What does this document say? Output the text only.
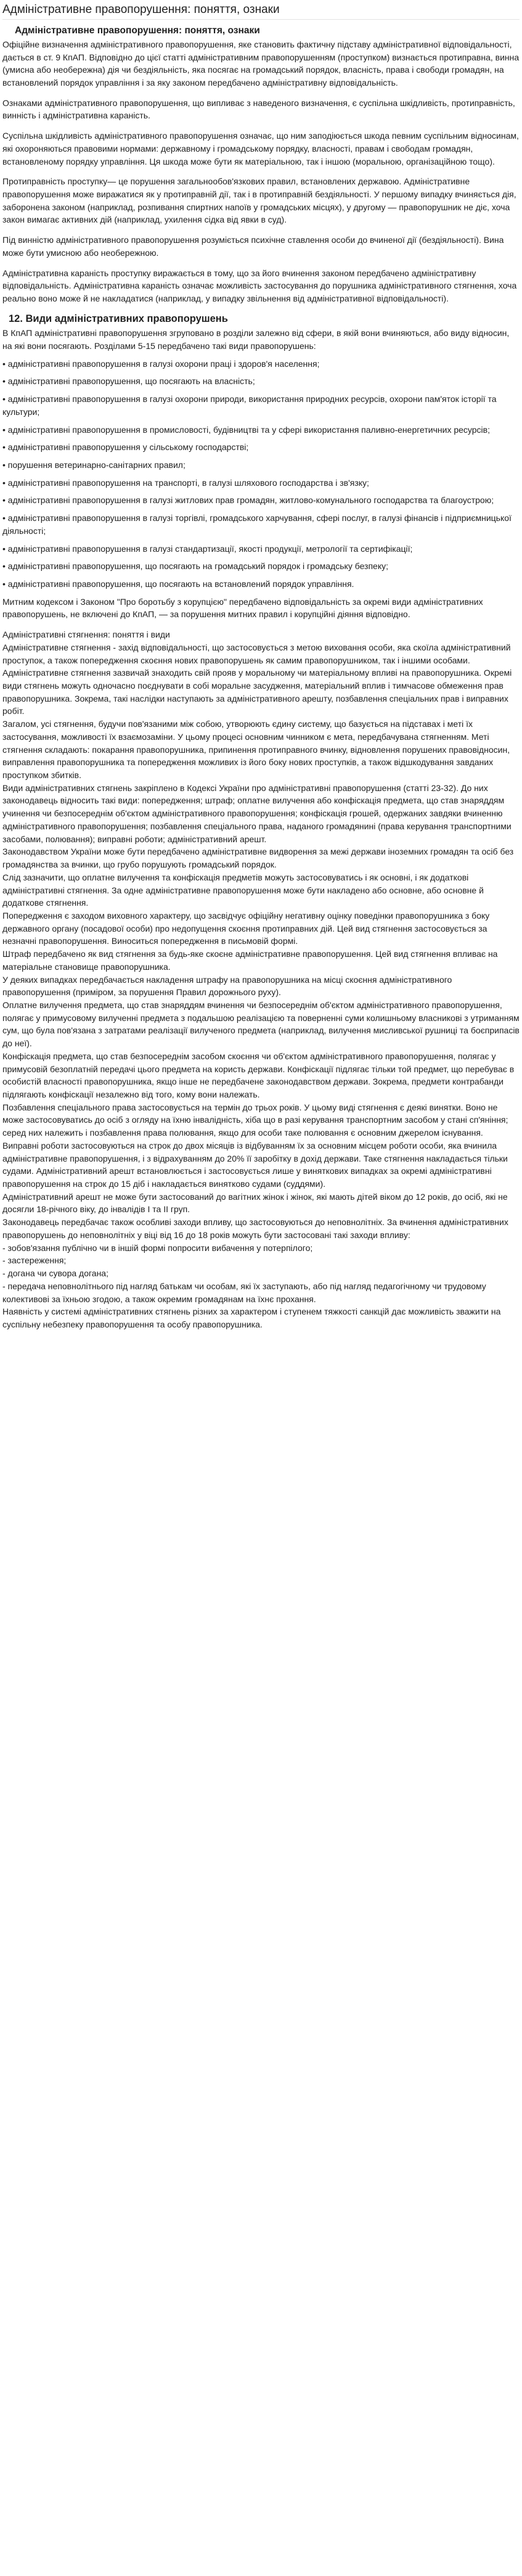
Адміністративне правопорушення: поняття, ознаки
Адміністративне правопорушення: поняття, ознаки

Офіційне визначення адміністративного правопорушення, яке становить фактичну підставу адміністративної відповідальності, дається в ст. 9 КпАП. Відповідно до цієї статті адміністративним правопорушенням (проступком) визнається протиправна, винна (умисна або необережна) дія чи бездіяльність, яка посягає на громадський порядок, власність, права і свободи громадян, на встановлений порядок управління і за яку законом передбачено адміністративну відповідальність.

Ознаками адміністративного правопорушення, що випливає з наведеного визначення, є суспільна шкідливість, протиправність, винність і адміністративна караність.

Суспільна шкідливість адміністративного правопорушення означає, що ним заподіюється шкода певним суспільним відносинам, які охороняються правовими нормами: державному і громадському порядку, власності, правам і свободам громадян, встановленому порядку управління. Ця шкода може бути як матеріальною, так і іншою (моральною, організаційною тощо).

Протиправність проступку— це порушення загальнообов'язкових правил, встановлених державою. Адміністративне правопорушення може виражатися як у протиправній дії, так і в протиправній бездіяльності. У першому випадку вчиняється дія, заборонена законом (наприклад, розпивання спиртних напоїв у громадських місцях), у другому — правопорушник не діє, хоча закон вимагає активних дій (наприклад, ухилення сідка від явки в суд).

Під винністю адміністративного правопорушення розуміється психічне ставлення особи до вчиненої дії (бездіяльності). Вина може бути умисною або необережною.

Адміністративна караність проступку виражається в тому, що за його вчинення законом передбачено адміністративну відповідальність. Адміністративна караність означає можливість застосування до порушника адміністративного стягнення, хоча реально воно може й не накладатися (наприклад, у випадку звільнення від адміністративної відповідальності).

12. Види адміністративних правопорушень

В КпАП адміністративні правопорушення згруповано в розділи залежно від сфери, в якій вони вчиняються, або виду відносин, на які вони посягають. Розділами 5-15 передбачено такі види правопорушень:

• адміністративні правопорушення в галузі охорони праці і здоров'я населення;

• адміністративні правопорушення, що посягають на власність;

• адміністративні правопорушення в галузі охорони природи, використання природних ресурсів, охорони пам'яток історії та культури;

• адміністративні правопорушення в промисловості, будівництві та у сфері використання паливно-енергетичних ресурсів;

• адміністративні правопорушення у сільському господарстві;

• порушення ветеринарно-санітарних правил;

• адміністративні правопорушення на транспорті, в галузі шляхового господарства і зв'язку;

• адміністративні правопорушення в галузі житлових прав громадян, житлово-комунального господарства та благоустрою;

• адміністративні правопорушення в галузі торгівлі, громадського харчування, сфері послуг, в галузі фінансів і підприємницької діяльності;

• адміністративні правопорушення в галузі стандартизації, якості продукції, метрології та сертифікації;

• адміністративні правопорушення, що посягають на громадський порядок і громадську безпеку;

• адміністративні правопорушення, що посягають на встановлений порядок управління.

Митним кодексом і Законом "Про боротьбу з корупцією" передбачено відповідальність за окремі види адміністративних правопорушень, не включені до КпАП, — за порушення митних правил і корупційні діяння відповідно.

Адміністративні стягнення: поняття і види

Адміністративне стягнення - захід відповідальності, що застосовується з метою виховання особи, яка скоїла адміністративний проступок, а також попередження скоєння нових правопорушень як самим правопорушником, так і іншими особами.

Адміністративне стягнення зазвичай знаходить свій прояв у моральному чи матеріальному впливі на правопорушника. Окремі види стягнень можуть одночасно поєднувати в собі моральне засудження, матеріальний вплив і тимчасове обмеження прав правопорушника. Зокрема, такі наслідки наступають за адміністративного арешту, позбавлення спеціальних прав і виправних робіт.

Загалом, усі стягнення, будучи пов'язаними між собою, утворюють єдину систему, що базується на підставах і меті їх застосування, можливості їх взаємозаміни. У цьому процесі основним чинником є мета, передбачувана стягненням. Меті стягнення складають: покарання правопорушника, припинення протиправного вчинку, відновлення порушених правовідносин, виправлення правопорушника та попередження можливих із його боку нових проступків, а також відшкодування завданих проступком збитків.

Види адміністративних стягнень закріплено в Кодексі України про адміністративні правопорушення (статті 23-32). До них законодавець відносить такі види: попередження; штраф; оплатне вилучення або конфіскація предмета, що став знаряддям учинення чи безпосереднім об'єктом адміністративного правопорушення; конфіскація грошей, одержаних завдяки вчиненню адміністративного правопорушення; позбавлення спеціального права, наданого громадянині (права керування транспортними засобами, полювання); виправні роботи; адміністративний арешт.

Законодавством України може бути передбачено адміністративне видворення за межі держави іноземних громадян та осіб без громадянства за вчинки, що грубо порушують громадський порядок.

Слід зазначити, що оплатне вилучення та конфіскація предметів можуть застосовуватись і як основні, і як додаткові адміністративні стягнення. За одне адміністративне правопорушення може бути накладено або основне, або основне й додаткове стягнення.

Попередження є заходом виховного характеру, що засвідчує офіційну негативну оцінку поведінки правопорушника з боку державного органу (посадової особи) про недопущення скоєння протиправних дій. Цей вид стягнення застосовується за незначні правопорушення. Виноситься попередження в письмовій формі.

Штраф передбачено як вид стягнення за будь-яке скоєне адміністративне правопорушення. Цей вид стягнення впливає на матеріальне становище правопорушника.

У деяких випадках передбачається накладення штрафу на правопорушника на місці скоєння адміністративного правопорушення (приміром, за порушення Правил дорожнього руху).

Оплатне вилучення предмета, що став знаряддям вчинення чи безпосереднім об'єктом адміністративного правопорушення, полягає у примусовому вилученні предмета з подальшою реалізацією та поверненні суми колишньому власникові з утриманням сум, що була пов'язана з затратами реалізації вилученого предмета (наприклад, вилучення мисливської рушниці та боєприпасів до неї).

Конфіскація предмета, що став безпосереднім засобом скоєння чи об'єктом адміністративного правопорушення, полягає у примусовій безоплатній передачі цього предмета на користь держави. Конфіскації підлягає тільки той предмет, що перебуває в особистій власності правопорушника, якщо інше не передбачене законодавством держави. Зокрема, предмети контрабанди підлягають конфіскації незалежно від того, кому вони належать.

Позбавлення спеціального права застосовується на термін до трьох років. У цьому виді стягнення є деякі винятки. Воно не може застосовуватись до осіб з огляду на їхню інвалідність, хіба що в разі керування транспортним засобом у стані сп'яніння; серед них належить і позбавлення права полювання, якщо для особи таке полювання є основним джерелом існування.

Виправні роботи застосовуються на строк до двох місяців із відбуванням їх за основним місцем роботи особи, яка вчинила адміністративне правопорушення, і з відрахуванням до 20% її заробітку в дохід держави. Таке стягнення накладається тільки судами. Адміністративний арешт встановлюється і застосовується лише у виняткових випадках за окремі адміністративні правопорушення на строк до 15 діб і накладається винятково судами (суддями).

Адміністративний арешт не може бути застосований до вагітних жінок і жінок, які мають дітей віком до 12 років, до осіб, які не досягли 18-річного віку, до інвалідів І та ІІ груп.

Законодавець передбачає також особливі заходи впливу, що застосовуються до неповнолітніх. За вчинення адміністративних правопорушень до неповнолітніх у віці від 16 до 18 років можуть бути застосовані такі заходи впливу:

- зобов'язання публічно чи в іншій формі попросити вибачення у потерпілого;

- застереження;

- догана чи сувора догана;

- передача неповнолітнього під нагляд батькам чи особам, які їх заступають, або під нагляд педагогічному чи трудовому колективові за їхньою згодою, а також окремим громадянам на їхнє прохання.

Наявність у системі адміністративних стягнень різних за характером і ступенем тяжкості санкцій дає можливість зважити на суспільну небезпеку правопорушення та особу правопорушника.
